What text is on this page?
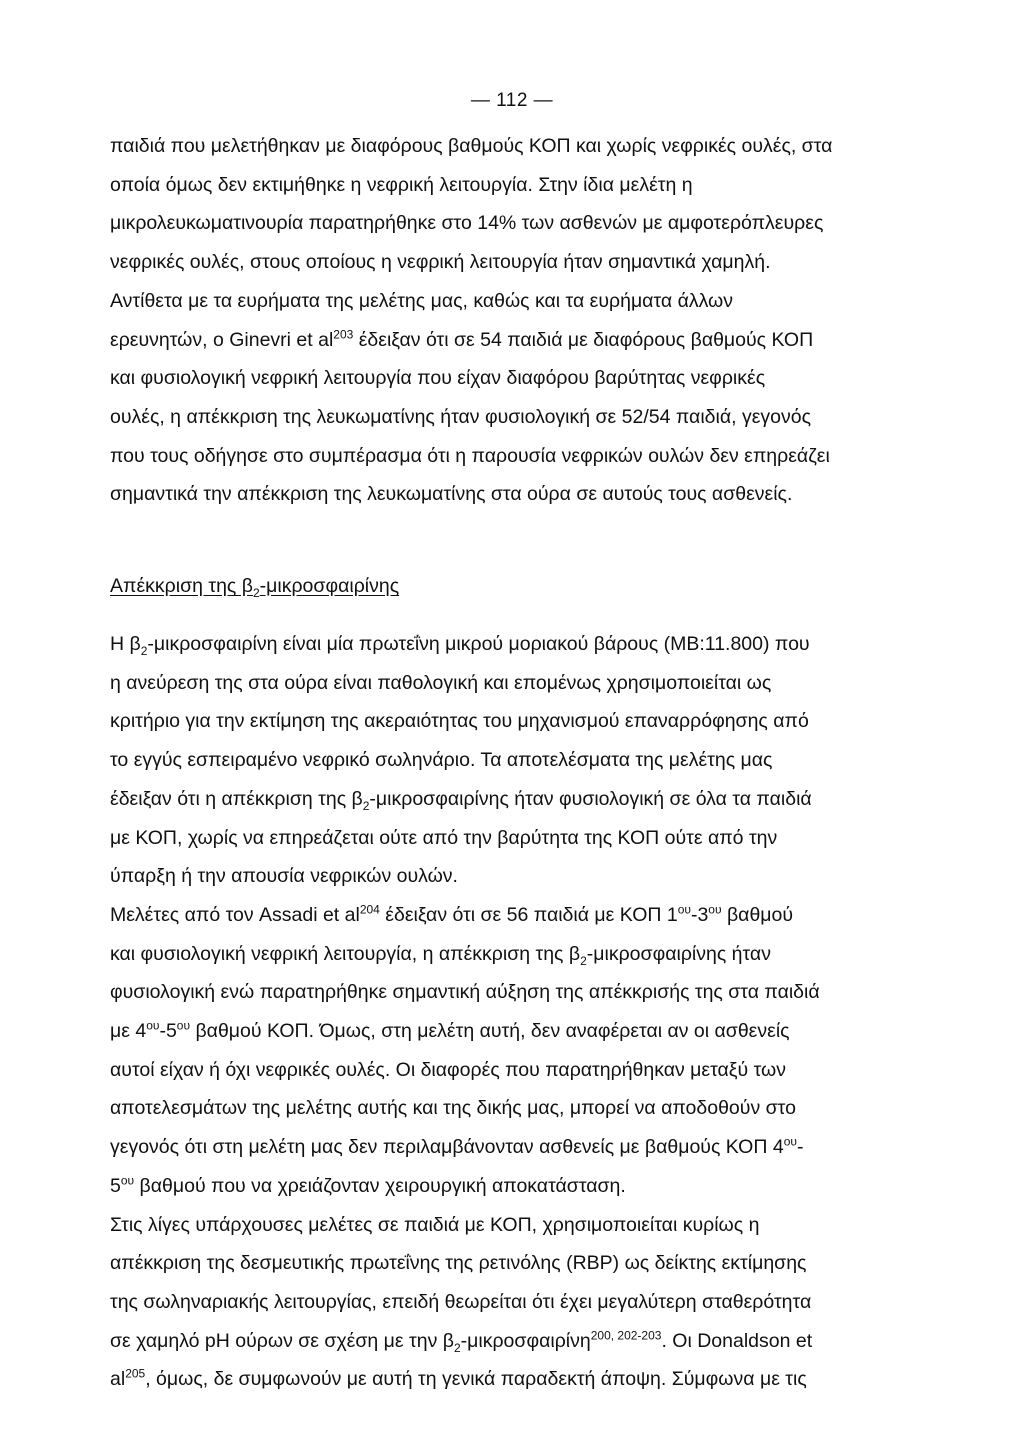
— 112 —

παιδιά που μελετήθηκαν με διαφόρους βαθμούς ΚΟΠ και χωρίς νεφρικές ουλές, στα
οποία όμως δεν εκτιμήθηκε η νεφρική λειτουργία. Στην ίδια μελέτη η
μικρολευκωματινουρία παρατηρήθηκε στο 14% των ασθενών με αμφοτερόπλευρες
νεφρικές ουλές, στους οποίους η νεφρική λειτουργία ήταν σημαντικά χαμηλή.

Αντίθετα με τα ευρήματα της μελέτης μας, καθώς και τα ευρήματα άλλων
ερευνητών, ο Ginevri et $al^{203}$ έδειξαν ότι σε 54 παιδιά με διαφόρους βαθμούς ΚΟΠ
και φυσιολογική νεφρική λειτουργία που είχαν διαφόρου βαρύτητας νεφρικές
ουλές, η απέκκριση της λευκωματίνης ήταν φυσιολογική σε 52/54 παιδιά, γεγονός
που τους οδήγησε στο συμπέρασμα ότι η παρουσία νεφρικών ουλών δεν επηρεάζει
σημαντικά την απέκκριση της λευκωματίνης στα ούρα σε αυτούς τους ασθενείς.

Απέκκριση της $\beta_2$-μικροσφαιρίνης

Η $\beta_2$-μικροσφαιρίνη είναι μία πρωτεΐνη μικρού μοριακού βάρους (MB:11.800) που
η ανεύρεση της στα ούρα είναι παθολογική και επομένως χρησιμοποιείται ως
κριτήριο για την εκτίμηση της ακεραιότητας του μηχανισμού επαναρρόφησης από
το εγγύς εσπειραμένο νεφρικό σωληνάριο. Τα αποτελέσματα της μελέτης μας
έδειξαν ότι η απέκκριση της $\beta_2$-μικροσφαιρίνης ήταν φυσιολογική σε όλα τα παιδιά
με ΚΟΠ, χωρίς να επηρεάζεται ούτε από την βαρύτητα της ΚΟΠ ούτε από την
ύπαρξη ή την απουσία νεφρικών ουλών.

Μελέτες από τον Assadi et $al^{204}$ έδειξαν ότι σε 56 παιδιά με ΚΟΠ $1^{o\upsilon}-3^{o\upsilon}$ βαθμού
και φυσιολογική νεφρική λειτουργία, η απέκκριση της $\beta_2$-μικροσφαιρίνης ήταν
φυσιολογική ενώ παρατηρήθηκε σημαντική αύξηση της απέκκρισής της στα παιδιά
με $4^{o\upsilon}-5^{o\upsilon}$ βαθμού ΚΟΠ. Όμως, στη μελέτη αυτή, δεν αναφέρεται αν οι ασθενείς
αυτοί είχαν ή όχι νεφρικές ουλές. Οι διαφορές που παρατηρήθηκαν μεταξύ των
αποτελεσμάτων της μελέτης αυτής και της δικής μας, μπορεί να αποδοθούν στο
γεγονός ότι στη μελέτη μας δεν περιλαμβάνονταν ασθενείς με βαθμούς ΚΟΠ $4^{o\upsilon}-$
$5^{o\upsilon}$ βαθμού που να χρειάζονταν χειρουργική αποκατάσταση.

Στις λίγες υπάρχουσες μελέτες σε παιδιά με ΚΟΠ, χρησιμοποιείται κυρίως η
απέκκριση της δεσμευτικής πρωτεΐνης της ρετινόλης (RBP) ως δείκτης εκτίμησης
της σωληναριακής λειτουργίας, επειδή θεωρείται ότι έχει μεγαλύτερη σταθερότητα
σε χαμηλό pH ούρων σε σχέση με την $\beta_2-\mu\iota\kappa\rho o\sigma\varphi\alpha\iota\rho ί\nu\eta^{200, 202-203}$. Οι Donaldson et
$al^{205}$, όμως, δε συμφωνούν με αυτή τη γενικά παραδεκτή άποψη. Σύμφωνα με τις
